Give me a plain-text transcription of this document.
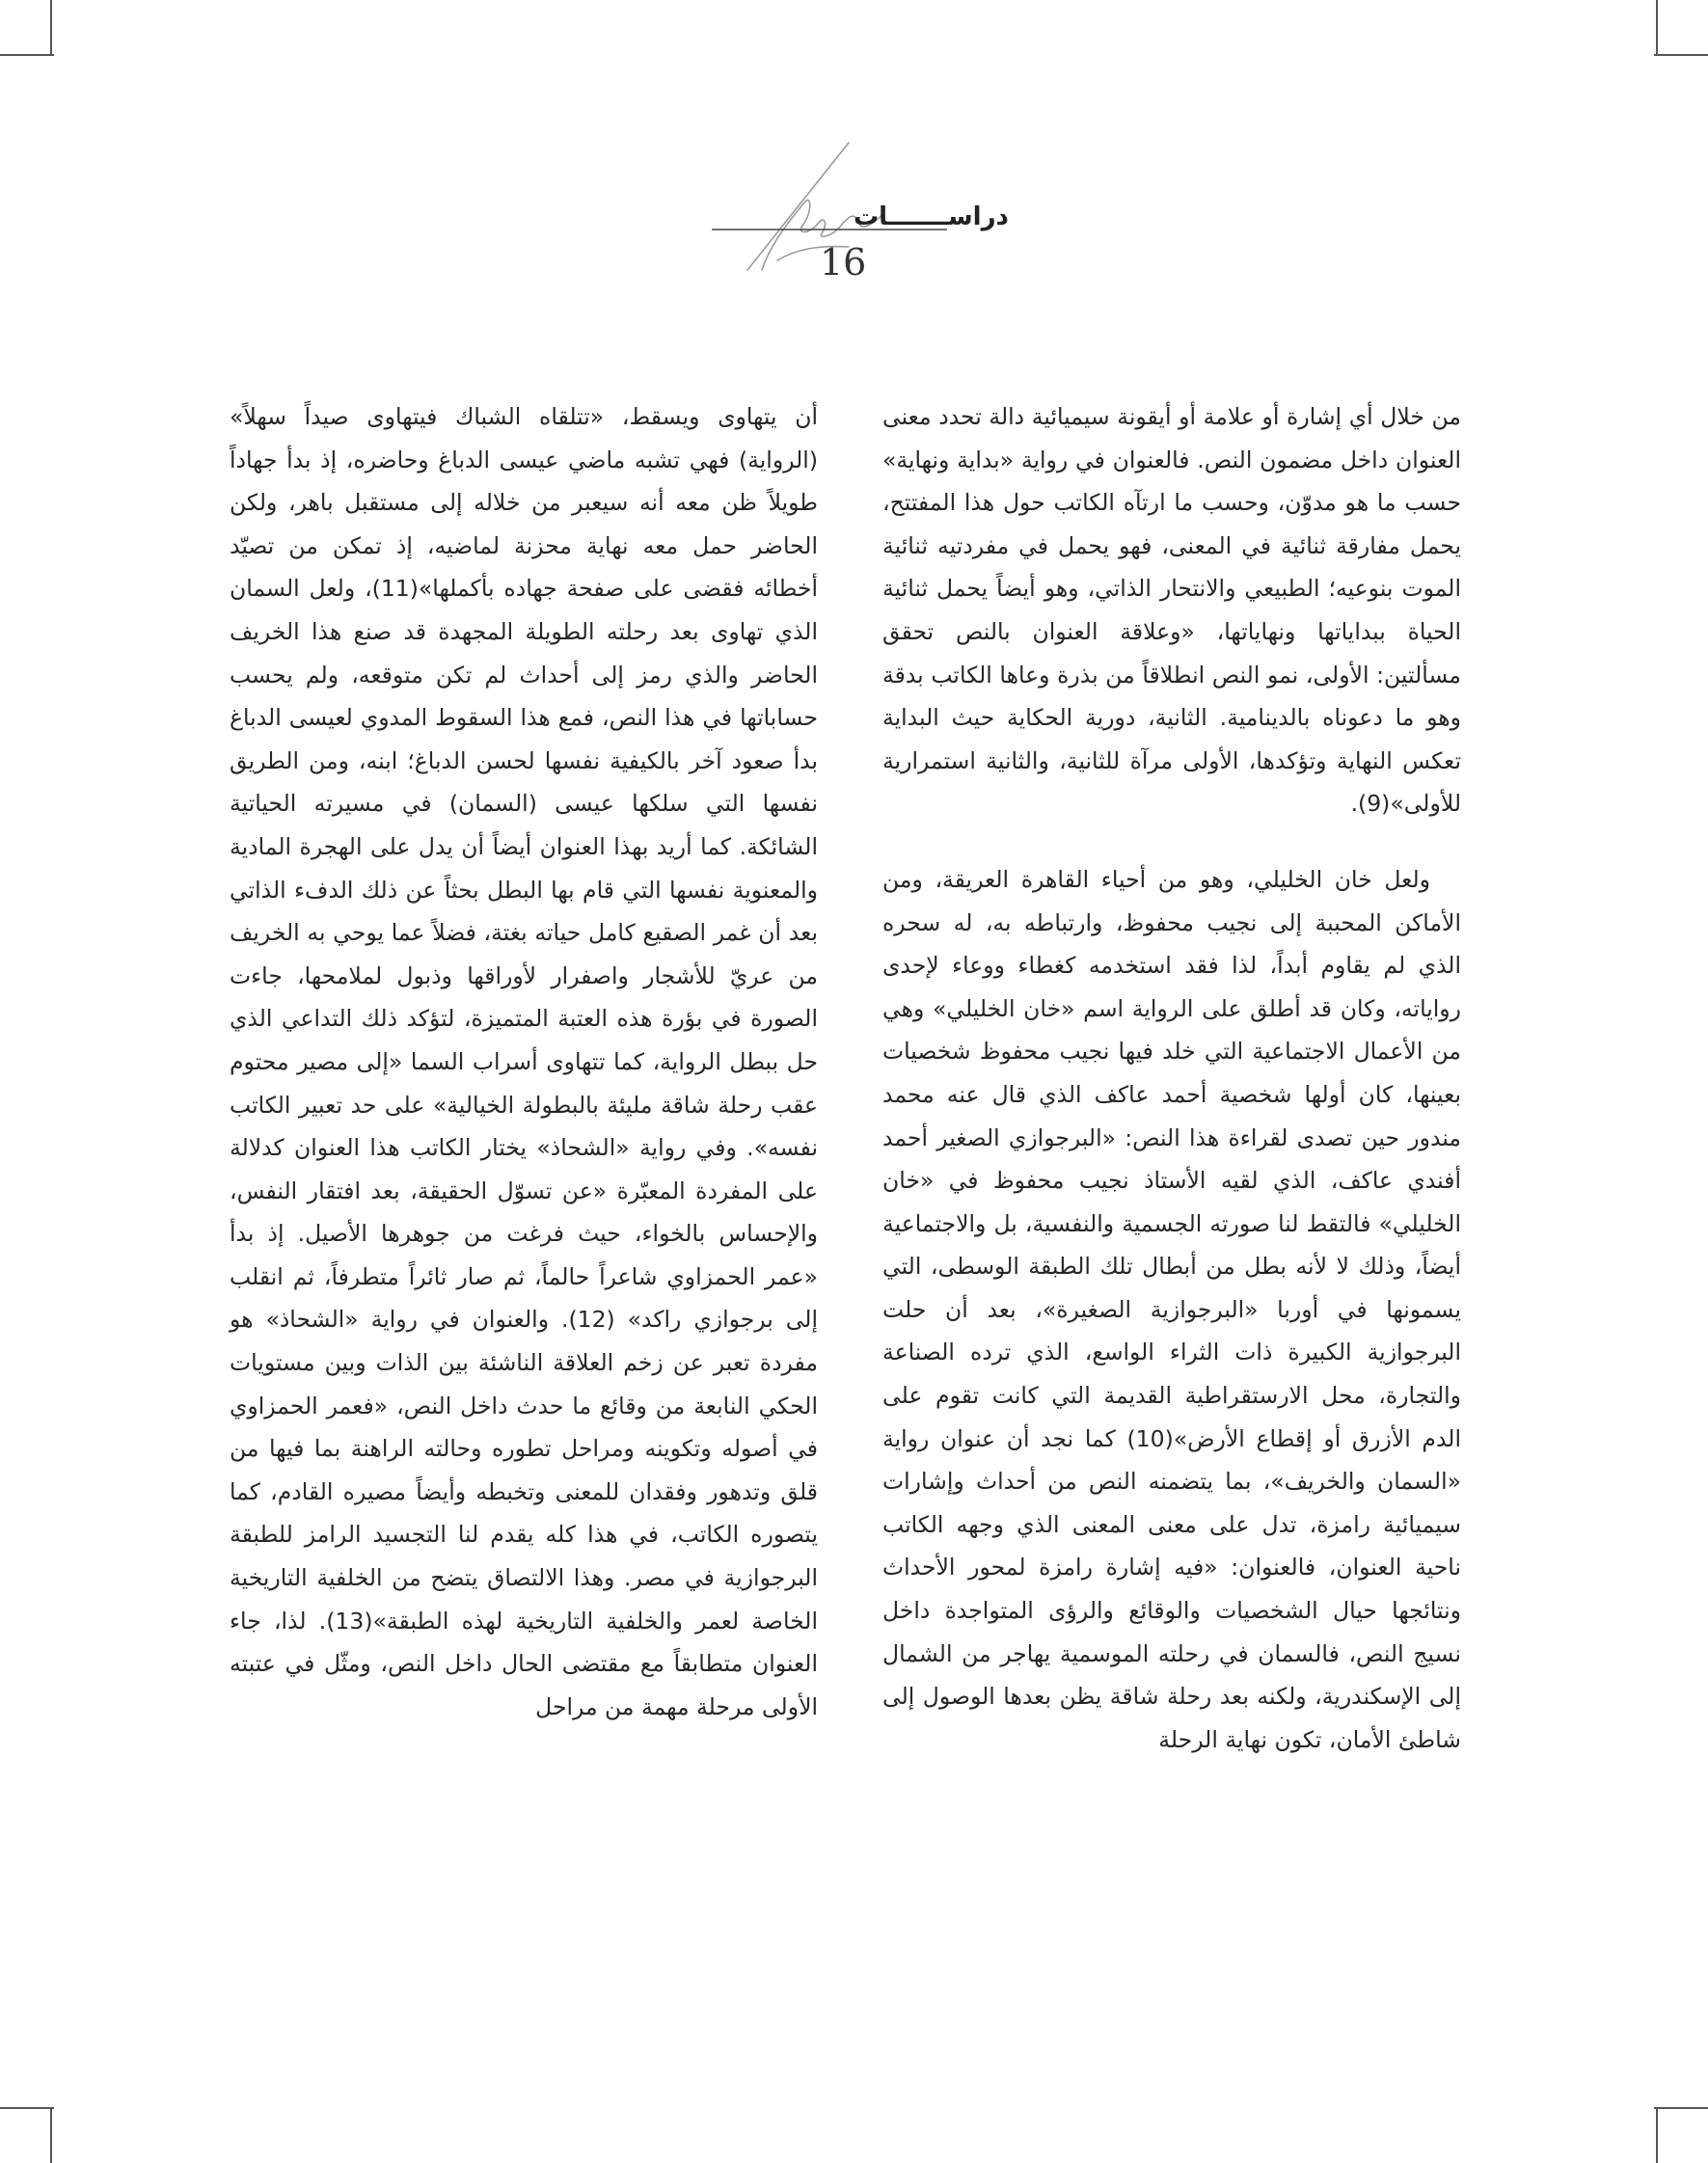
دراســـــــات
16

من خلال أي إشارة أو علامة أو أيقونة سيميائية دالة تحدد معنى العنوان داخل مضمون النص. فالعنوان في رواية «بداية ونهاية» حسب ما هو مدوّن، وحسب ما ارتآه الكاتب حول هذا المفتتح، يحمل مفارقة ثنائية في المعنى، فهو يحمل في مفردتيه ثنائية الموت بنوعيه؛ الطبيعي والانتحار الذاتي، وهو أيضاً يحمل ثنائية الحياة ببداياتها ونهاياتها، «وعلاقة العنوان بالنص تحقق مسألتين: الأولى، نمو النص انطلاقاً من بذرة وعاها الكاتب بدقة وهو ما دعوناه بالدينامية. الثانية، دورية الحكاية حيث البداية تعكس النهاية وتؤكدها، الأولى مرآة للثانية، والثانية استمرارية للأولى»(9).

ولعل خان الخليلي، وهو من أحياء القاهرة العريقة، ومن الأماكن المحببة إلى نجيب محفوظ، وارتباطه به، له سحره الذي لم يقاوم أبداً، لذا فقد استخدمه كغطاء ووعاء لإحدى رواياته، وكان قد أطلق على الرواية اسم «خان الخليلي» وهي من الأعمال الاجتماعية التي خلد فيها نجيب محفوظ شخصيات بعينها، كان أولها شخصية أحمد عاكف الذي قال عنه محمد مندور حين تصدى لقراءة هذا النص: «البرجوازي الصغير أحمد أفندي عاكف، الذي لقيه الأستاذ نجيب محفوظ في «خان الخليلي» فالتقط لنا صورته الجسمية والنفسية، بل والاجتماعية أيضاً، وذلك لا لأنه بطل من أبطال تلك الطبقة الوسطى، التي يسمونها في أوربا «البرجوازية الصغيرة»، بعد أن حلت البرجوازية الكبيرة ذات الثراء الواسع، الذي ترده الصناعة والتجارة، محل الارستقراطية القديمة التي كانت تقوم على الدم الأزرق أو إقطاع الأرض»(10) كما نجد أن عنوان رواية «السمان والخريف»، بما يتضمنه النص من أحداث وإشارات سيميائية رامزة، تدل على معنى المعنى الذي وجهه الكاتب ناحية العنوان، فالعنوان: «فيه إشارة رامزة لمحور الأحداث ونتائجها حيال الشخصيات والوقائع والرؤى المتواجدة داخل نسيج النص، فالسمان في رحلته الموسمية يهاجر من الشمال إلى الإسكندرية، ولكنه بعد رحلة شاقة يظن بعدها الوصول إلى شاطئ الأمان، تكون نهاية الرحلة

أن يتهاوى ويسقط، «تتلقاه الشباك فيتهاوى صيداً سهلاً» (الرواية) فهي تشبه ماضي عيسى الدباغ وحاضره، إذ بدأ جهاداً طويلاً ظن معه أنه سيعبر من خلاله إلى مستقبل باهر، ولكن الحاضر حمل معه نهاية محزنة لماضيه، إذ تمكن من تصيّد أخطائه فقضى على صفحة جهاده بأكملها»(11)، ولعل السمان الذي تهاوى بعد رحلته الطويلة المجهدة قد صنع هذا الخريف الحاضر والذي رمز إلى أحداث لم تكن متوقعه، ولم يحسب حساباتها في هذا النص، فمع هذا السقوط المدوي لعيسى الدباغ بدأ صعود آخر بالكيفية نفسها لحسن الدباغ؛ ابنه، ومن الطريق نفسها التي سلكها عيسى (السمان) في مسيرته الحياتية الشائكة. كما أريد بهذا العنوان أيضاً أن يدل على الهجرة المادية والمعنوية نفسها التي قام بها البطل بحثاً عن ذلك الدفء الذاتي بعد أن غمر الصقيع كامل حياته بغتة، فضلاً عما يوحي به الخريف من عريّ للأشجار واصفرار لأوراقها وذبول لملامحها، جاءت الصورة في بؤرة هذه العتبة المتميزة، لتؤكد ذلك التداعي الذي حل ببطل الرواية، كما تتهاوى أسراب السما «إلى مصير محتوم عقب رحلة شاقة مليئة بالبطولة الخيالية» على حد تعبير الكاتب نفسه». وفي رواية «الشحاذ» يختار الكاتب هذا العنوان كدلالة على المفردة المعبّرة «عن تسوّل الحقيقة، بعد افتقار النفس، والإحساس بالخواء، حيث فرغت من جوهرها الأصيل. إذ بدأ «عمر الحمزاوي شاعراً حالماً، ثم صار ثائراً متطرفاً، ثم انقلب إلى برجوازي راكد» (12). والعنوان في رواية «الشحاذ» هو مفردة تعبر عن زخم العلاقة الناشئة بين الذات وبين مستويات الحكي النابعة من وقائع ما حدث داخل النص، «فعمر الحمزاوي في أصوله وتكوينه ومراحل تطوره وحالته الراهنة بما فيها من قلق وتدهور وفقدان للمعنى وتخبطه وأيضاً مصيره القادم، كما يتصوره الكاتب، في هذا كله يقدم لنا التجسيد الرامز للطبقة البرجوازية في مصر. وهذا الالتصاق يتضح من الخلفية التاريخية الخاصة لعمر والخلفية التاريخية لهذه الطبقة»(13). لذا، جاء العنوان متطابقاً مع مقتضى الحال داخل النص، ومثّل في عتبته الأولى مرحلة مهمة من مراحل
